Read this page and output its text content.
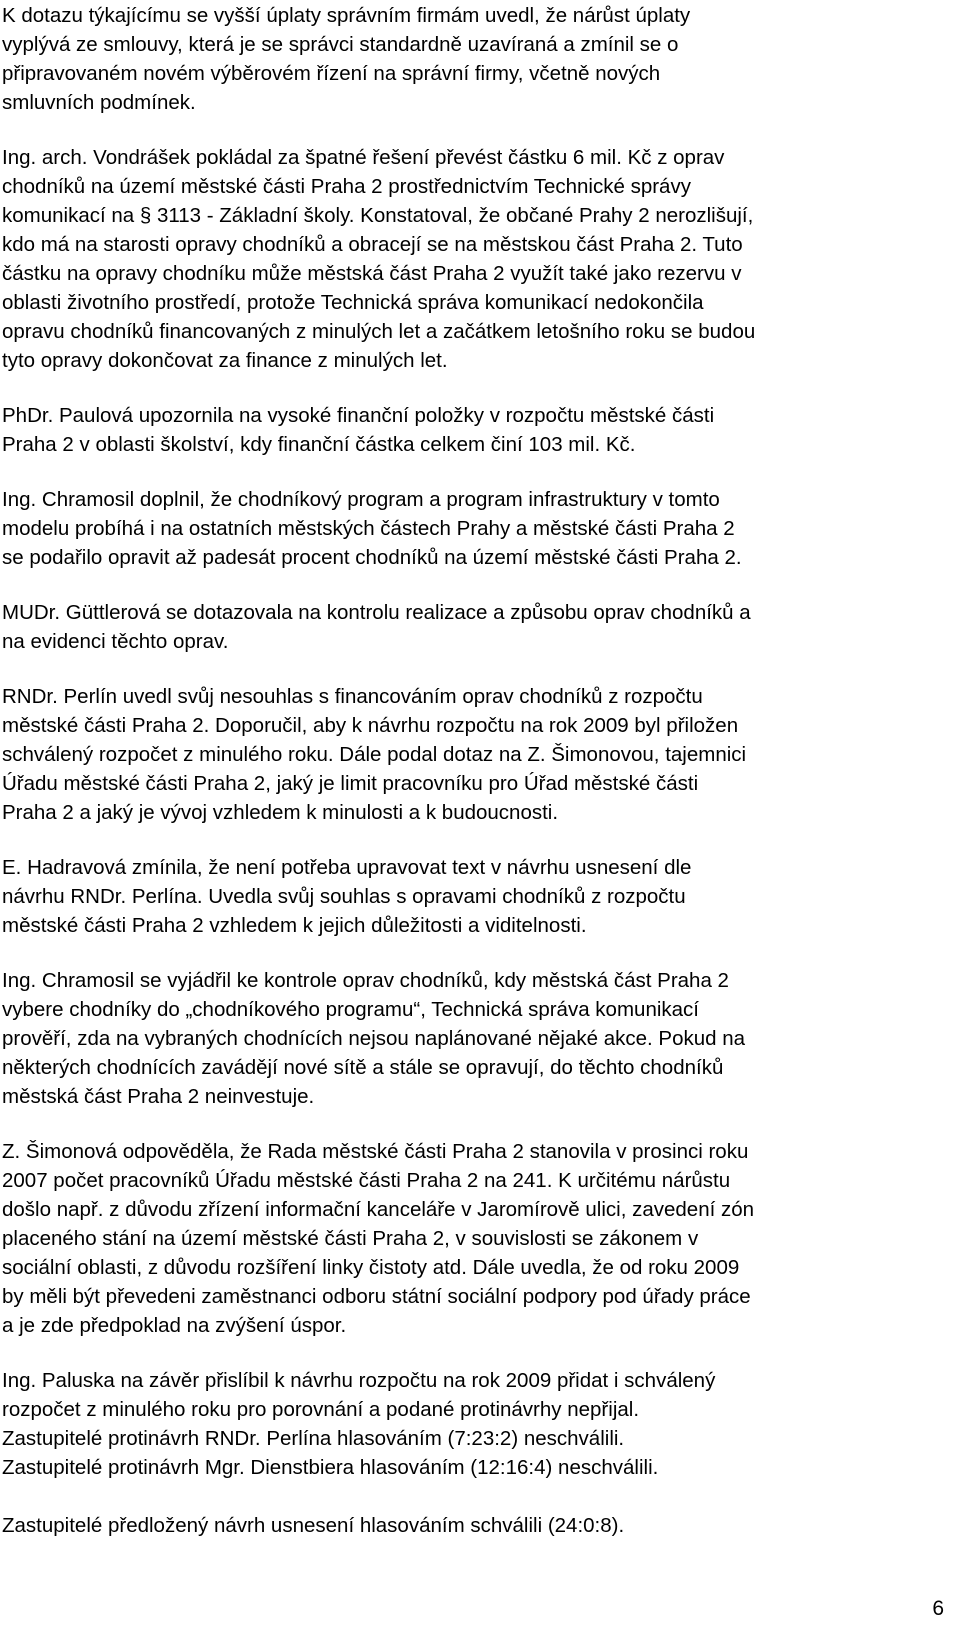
K dotazu týkajícímu se vyšší úplaty správním firmám uvedl, že nárůst úplaty
vyplývá ze smlouvy, která je se správci standardně uzavíraná a zmínil se o
připravovaném novém výběrovém řízení na správní firmy, včetně nových
smluvních podmínek.

Ing. arch. Vondrášek pokládal za špatné řešení převést částku 6 mil. Kč z oprav
chodníků na území městské části Praha 2 prostřednictvím Technické správy
komunikací na § 3113 - Základní školy. Konstatoval, že občané Prahy 2 nerozlišují,
kdo má na starosti opravy chodníků a obracejí se na městskou část Praha 2. Tuto
částku na opravy chodníku může městská část Praha 2 využít také jako rezervu v
oblasti životního prostředí, protože Technická správa komunikací nedokončila
opravu chodníků financovaných z minulých let a začátkem letošního roku se budou
tyto opravy dokončovat za finance z minulých let.

PhDr. Paulová upozornila na vysoké finanční položky v rozpočtu městské části
Praha 2 v oblasti školství, kdy finanční částka celkem činí 103 mil. Kč.

Ing. Chramosil doplnil, že chodníkový program a program infrastruktury v tomto
modelu probíhá i na ostatních městských částech Prahy a městské části Praha 2
se podařilo opravit až padesát procent chodníků na území městské části Praha 2.

MUDr. Güttlerová se dotazovala na kontrolu realizace a způsobu oprav chodníků a
na evidenci těchto oprav.

RNDr. Perlín uvedl svůj nesouhlas s financováním oprav chodníků z rozpočtu
městské části Praha 2. Doporučil, aby k návrhu rozpočtu na rok 2009 byl přiložen
schválený rozpočet z minulého roku. Dále podal dotaz na Z. Šimonovou, tajemnici
Úřadu městské části Praha 2, jaký je limit pracovníku pro Úřad městské části
Praha 2 a jaký je vývoj vzhledem k minulosti a k budoucnosti.

E. Hadravová zmínila, že není potřeba upravovat text v návrhu usnesení dle
návrhu RNDr. Perlína. Uvedla svůj souhlas s opravami chodníků z rozpočtu
městské části Praha 2 vzhledem k jejich důležitosti a viditelnosti.

Ing. Chramosil se vyjádřil ke kontrole oprav chodníků, kdy městská část Praha 2
vybere chodníky do „chodníkového programu“, Technická správa komunikací
prověří, zda na vybraných chodnících nejsou naplánované nějaké akce. Pokud na
některých chodnících zavádějí nové sítě a stále se opravují, do těchto chodníků
městská část Praha 2 neinvestuje.

Z. Šimonová odpověděla, že Rada městské části Praha 2 stanovila v prosinci roku
2007 počet pracovníků Úřadu městské části Praha 2 na 241. K určitému nárůstu
došlo např. z důvodu zřízení informační kanceláře v Jaromírově ulici, zavedení zón
placeného stání na území městské části Praha 2, v souvislosti se zákonem v
sociální oblasti, z důvodu rozšíření linky čistoty atd. Dále uvedla, že od roku 2009
by měli být převedeni zaměstnanci odboru státní sociální podpory pod úřady práce
a je zde předpoklad na zvýšení úspor.

Ing. Paluska na závěr přislíbil k návrhu rozpočtu na rok 2009 přidat i schválený
rozpočet z minulého roku pro porovnání a podané protinávrhy nepřijal.
Zastupitelé protinávrh RNDr. Perlína hlasováním (7:23:2) neschválili.
Zastupitelé protinávrh Mgr. Dienstbiera hlasováním (12:16:4) neschválili.

Zastupitelé předložený návrh usnesení hlasováním schválili (24:0:8).

6
